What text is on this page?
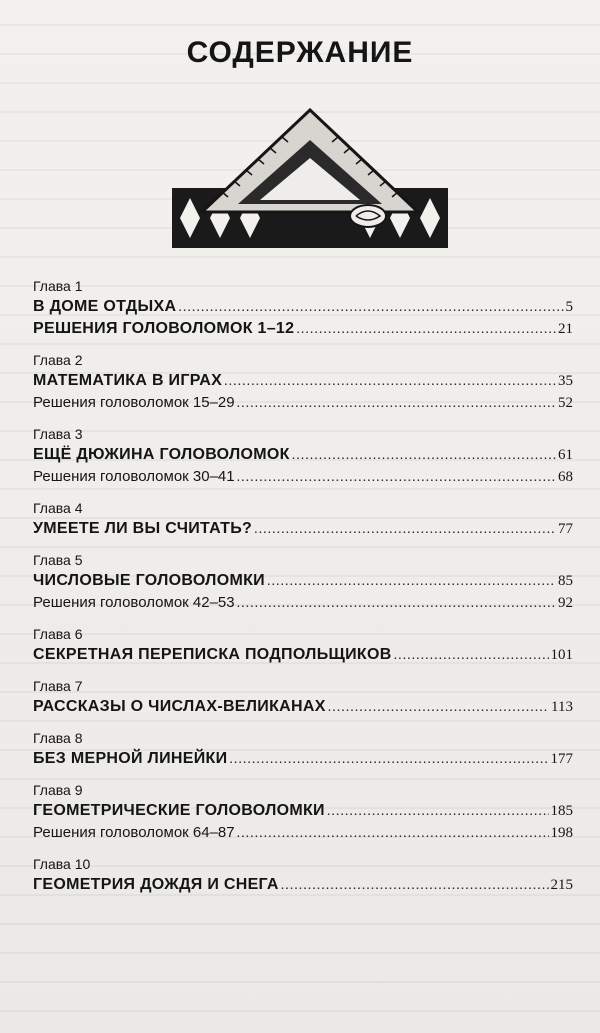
СОДЕРЖАНИЕ
Глава 1
В ДОМЕ ОТДЫХА .....	5
РЕШЕНИЯ ГОЛОВОЛОМОК 1–12 .....	21
Глава 2
МАТЕМАТИКА В ИГРАХ .....	35
Решения головоломок 15–29 .....	52
Глава 3
ЕЩЁ ДЮЖИНА ГОЛОВОЛОМОК .....	61
Решения головоломок 30–41 .....	68
Глава 4
УМЕЕТЕ ЛИ ВЫ СЧИТАТЬ? .....	77
Глава 5
ЧИСЛОВЫЕ ГОЛОВОЛОМКИ .....	85
Решения головоломок 42–53 .....	92
Глава 6
СЕКРЕТНАЯ ПЕРЕПИСКА ПОДПОЛЬЩИКОВ .....	101
Глава 7
РАССКАЗЫ О ЧИСЛАХ-ВЕЛИКАНАХ .....	113
Глава 8
БЕЗ МЕРНОЙ ЛИНЕЙКИ .....	177
Глава 9
ГЕОМЕТРИЧЕСКИЕ ГОЛОВОЛОМКИ .....	185
Решения головоломок 64–87 .....	198
Глава 10
ГЕОМЕТРИЯ ДОЖДЯ И СНЕГА .....	215
